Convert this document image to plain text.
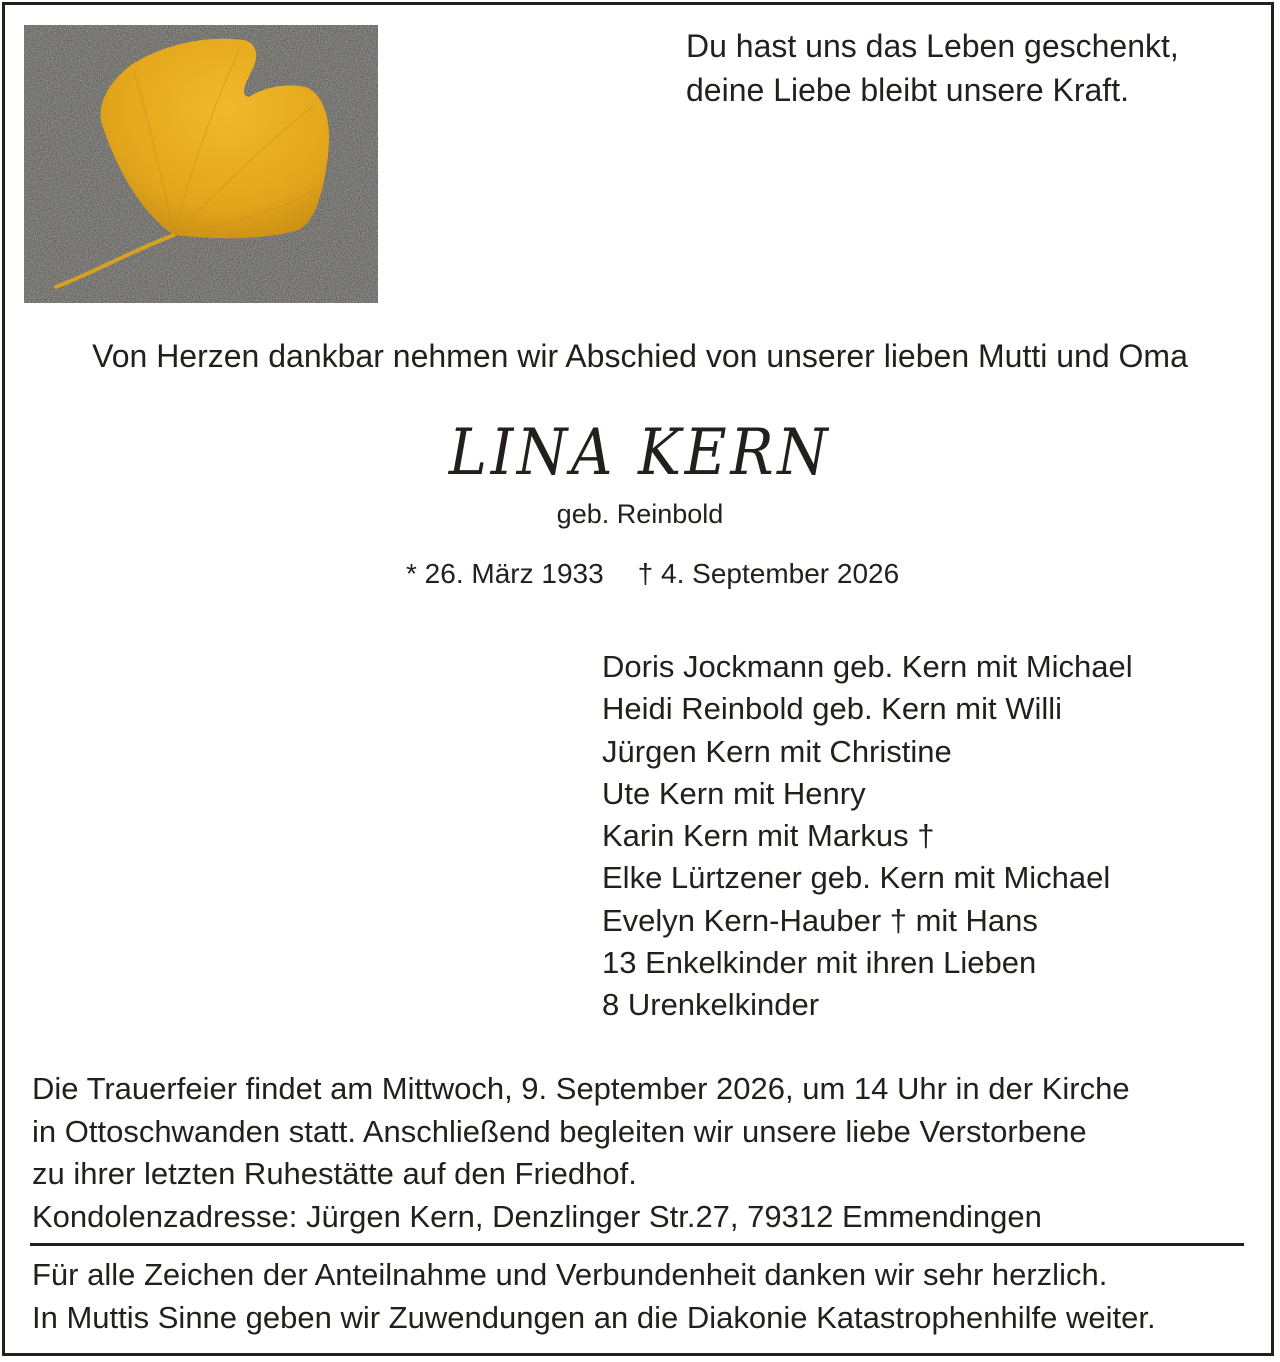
Du hast uns das Leben geschenkt,
deine Liebe bleibt unsere Kraft.
Von Herzen dankbar nehmen wir Abschied von unserer lieben Mutti und Oma
LINA KERN
geb. Reinbold
* 26. März 1933 † 4. September 2026
Doris Jockmann geb. Kern mit Michael
Heidi Reinbold geb. Kern mit Willi
Jürgen Kern mit Christine
Ute Kern mit Henry
Karin Kern mit Markus †
Elke Lürtzener geb. Kern mit Michael
Evelyn Kern-Hauber † mit Hans
13 Enkelkinder mit ihren Lieben
8 Urenkelkinder
Die Trauerfeier findet am Mittwoch, 9. September 2026, um 14 Uhr in der Kirche
in Ottoschwanden statt. Anschließend begleiten wir unsere liebe Verstorbene
zu ihrer letzten Ruhestätte auf den Friedhof.
Kondolenzadresse: Jürgen Kern, Denzlinger Str.27, 79312 Emmendingen
Für alle Zeichen der Anteilnahme und Verbundenheit danken wir sehr herzlich.
In Muttis Sinne geben wir Zuwendungen an die Diakonie Katastrophenhilfe weiter.
